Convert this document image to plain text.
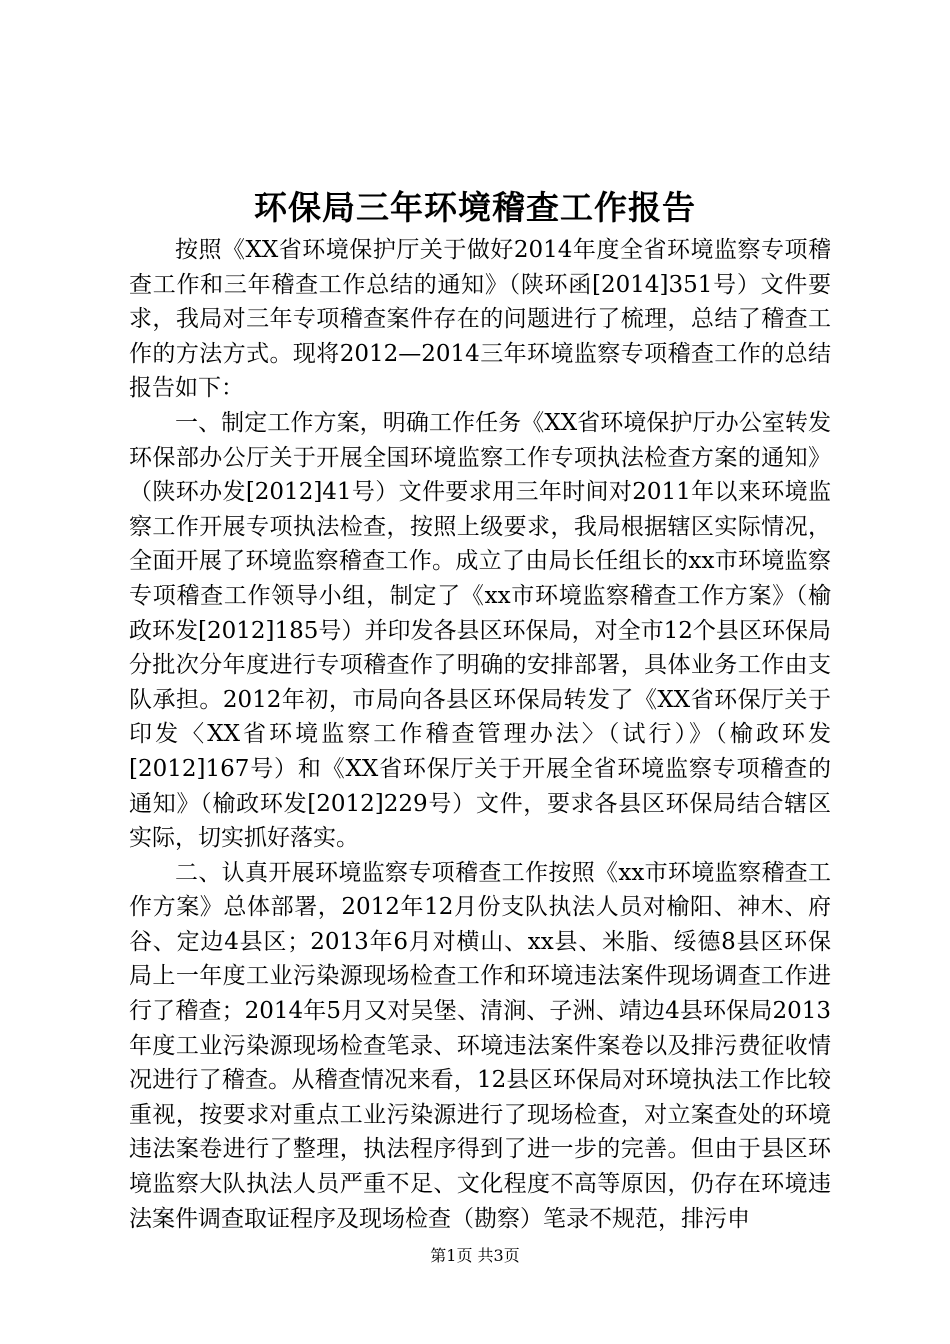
环保局三年环境稽查工作报告

按照《XX省环境保护厅关于做好2014年度全省环境监察专项稽查工作和三年稽查工作总结的通知》（陕环函[2014]351号）文件要求，我局对三年专项稽查案件存在的问题进行了梳理，总结了稽查工作的方法方式。现将2012—2014三年环境监察专项稽查工作的总结报告如下：

一、制定工作方案，明确工作任务《XX省环境保护厅办公室转发环保部办公厅关于开展全国环境监察工作专项执法检查方案的通知》（陕环办发[2012]41号）文件要求用三年时间对2011年以来环境监察工作开展专项执法检查，按照上级要求，我局根据辖区实际情况，全面开展了环境监察稽查工作。成立了由局长任组长的xx市环境监察专项稽查工作领导小组，制定了《xx市环境监察稽查工作方案》（榆政环发[2012]185号）并印发各县区环保局，对全市12个县区环保局分批次分年度进行专项稽查作了明确的安排部署，具体业务工作由支队承担。2012年初，市局向各县区环保局转发了《XX省环保厅关于印发〈XX省环境监察工作稽查管理办法〉（试行）》（榆政环发[2012]167号）和《XX省环保厅关于开展全省环境监察专项稽查的通知》（榆政环发[2012]229号）文件，要求各县区环保局结合辖区实际，切实抓好落实。

二、认真开展环境监察专项稽查工作按照《xx市环境监察稽查工作方案》总体部署，2012年12月份支队执法人员对榆阳、神木、府谷、定边4县区；2013年6月对横山、xx县、米脂、绥德8县区环保局上一年度工业污染源现场检查工作和环境违法案件现场调查工作进行了稽查；2014年5月又对吴堡、清涧、子洲、靖边4县环保局2013年度工业污染源现场检查笔录、环境违法案件案卷以及排污费征收情况进行了稽查。从稽查情况来看，12县区环保局对环境执法工作比较重视，按要求对重点工业污染源进行了现场检查，对立案查处的环境违法案卷进行了整理，执法程序得到了进一步的完善。但由于县区环境监察大队执法人员严重不足、文化程度不高等原因，仍存在环境违法案件调查取证程序及现场检查（勘察）笔录不规范，排污申

第1页 共3页
